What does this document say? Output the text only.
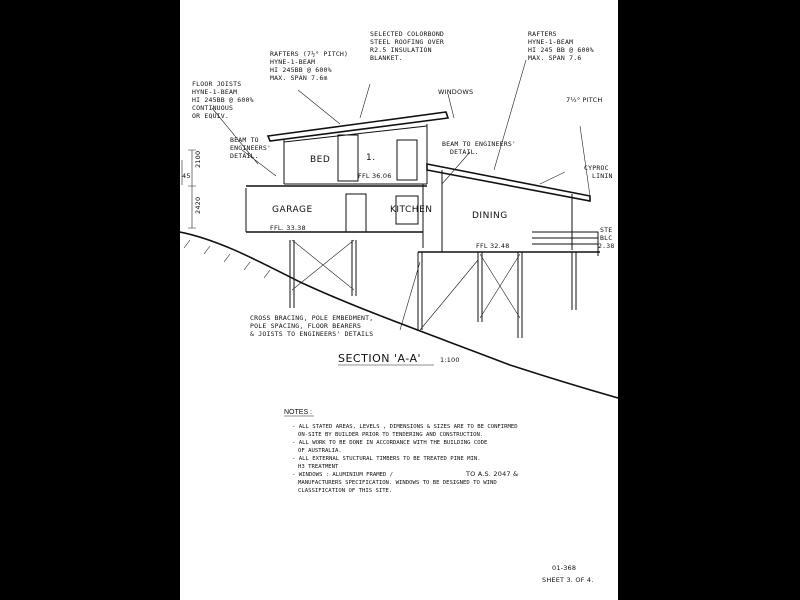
RAFTERS (7½° PITCH)
HYNE-1-BEAM
HI 245BB @ 600%
MAX. SPAN 7.6m
SELECTED COLORBOND
STEEL ROOFING OVER
R2.5 INSULATION
BLANKET.
RAFTERS
HYNE-1-BEAM
HI 245 BB @ 600%
MAX. SPAN 7.6
FLOOR JOISTS
HYNE-1-BEAM
HI 245BB @ 600%
CONTINUOUS
OR EQUIV.
WINDOWS
BEAM TO
ENGINEERS'
DETAIL.
BEAM TO ENGINEERS'
DETAIL.
7½° PITCH
CYPROC
LININ
BED	1.
FFL 36.06
GARAGE	KITCHEN
DINING
FFL. 33.38
FFL 32.48
2100
2420
45
STE
BLC
2.38
CROSS BRACING, POLE EMBEDMENT,
POLE SPACING, FLOOR BEARERS
& JOISTS TO ENGINEERS' DETAILS
SECTION 'A-A'	1:100
NOTES :
- ALL STATED AREAS, LEVELS , DIMENSIONS & SIZES ARE TO BE CONFIRMED
ON-SITE BY BUILDER PRIOR TO TENDERING AND CONSTRUCTION.
- ALL WORK TO BE DONE IN ACCORDANCE WITH THE BUILDING CODE
OF AUSTRALIA.
- ALL EXTERNAL STUCTURAL TIMBERS TO BE TREATED PINE MIN.
H3 TREATMENT
- WINDOWS : ALUMINIUM FRAMED /
MANUFACTURERS SPECIFICATION. WINDOWS TO BE DESIGNED TO WIND
CLASSIFICATION OF THIS SITE.
TO A.S. 2047 &
01-368
SHEET 3. OF 4.
